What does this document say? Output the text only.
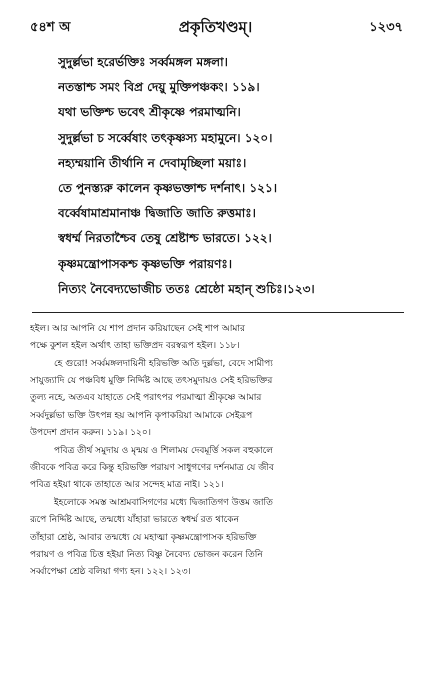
৫৪শ অ	প্রকৃতিখণ্ডম্।	১২৩৭
সুদুর্ল্লভা হরের্ভক্তিঃ সর্ব্বমঙ্গল মঙ্গলা।
নতস্তাশ্চ সমং বিপ্র দেয়ু মুক্তিপঞ্চকং। ১১৯।
যথা ভক্তিশ্চ ভবেৎ শ্রীকৃষ্ণে পরমাত্মনি।
সুদুর্ল্লভা চ সর্ব্বেষাং তৎকৃষ্ণস্য মহামুনে। ১২০।
নহ্যম্ময়ানি তীর্থানি ন দেবামৃচ্ছিলা ময়াঃ।
তে পুনস্ত্যরু কালেন কৃষ্ণভক্তাশ্চ দর্শনাৎ। ১২১।
বর্ব্বেষামাশ্রমানাঞ্চ দ্বিজাতি জাতি রুত্তমাঃ।
স্বধর্ম্ম নিরতাশ্চৈব তেষু শ্রেষ্টাশ্চ ভারতে। ১২২।
কৃষ্ণমন্ত্রোপাসকশ্চ কৃষ্ণভক্তি পরায়ণঃ।
নিত্যং নৈবেদ্যভোজীচ ততঃ শ্রেষ্ঠো মহান্ শুচিঃ।১২৩।
হইল। আর আপনি যে শাপ প্রদান করিয়াছেন সেই শাপ আমার
পক্ষে কুশল হইল অর্থাৎ তাহা ভক্তিপ্রদ বরস্বরূপ হইল। ১১৮।
হে গুরো! সর্ব্বমঙ্গলদায়িনী হরিভক্তি অতি দুর্ল্লভা, বেদে সামীপ্য
সাযুজ্যাদি যে পঞ্চবিধ মুক্তি নির্দ্দিষ্ট আছে তৎসমুদায়ও সেই হরিভক্তির
তুল্য নহে, অতএব যাহাতে সেই পরাৎপর পরমাত্মা শ্রীকৃষ্ণে আমার
সর্ব্বদুর্ল্লভা ভক্তি উৎপন্ন হয় আপনি কৃপাকরিয়া আমাকে সেইরূপ
উপদেশ প্রদান করুন। ১১৯। ১২০।
পবিত্র তীর্থ সমুদায় ও মৃন্ময় ও শিলাময় দেবমূর্ত্তি সকল বহুকালে
জীবকে পবিত্র করে কিন্তু হরিভক্তি পরায়ণ সাধুগণের দর্শনমাত্র যে জীব
পবিত্র হইয়া থাকে তাহাতে আর সন্দেহ মাত্র নাই। ১২১।
ইহলোকে সমস্ত আশ্রমবাসিগণের মধ্যে দ্বিজাতিগণ উত্তম জাতি
রূপে নির্দ্দিষ্ট আছে, তন্মধ্যে যাঁহারা ভারতে স্বধর্ম্ম রত থাকেন
তাঁহারা শ্রেষ্ঠ, আবার তন্মধ্যে যে মহাত্মা কৃষ্ণমন্ত্রোপাসক হরিভক্তি
পরায়ণ ও পবিত্র চিত্ত হইয়া নিত্য বিষ্ণু নৈবেদ্য ভোজন করেন তিনি
সর্ব্বাপেক্ষা শ্রেষ্ঠ বলিয়া গণ্য হন। ১২২। ১২৩।
